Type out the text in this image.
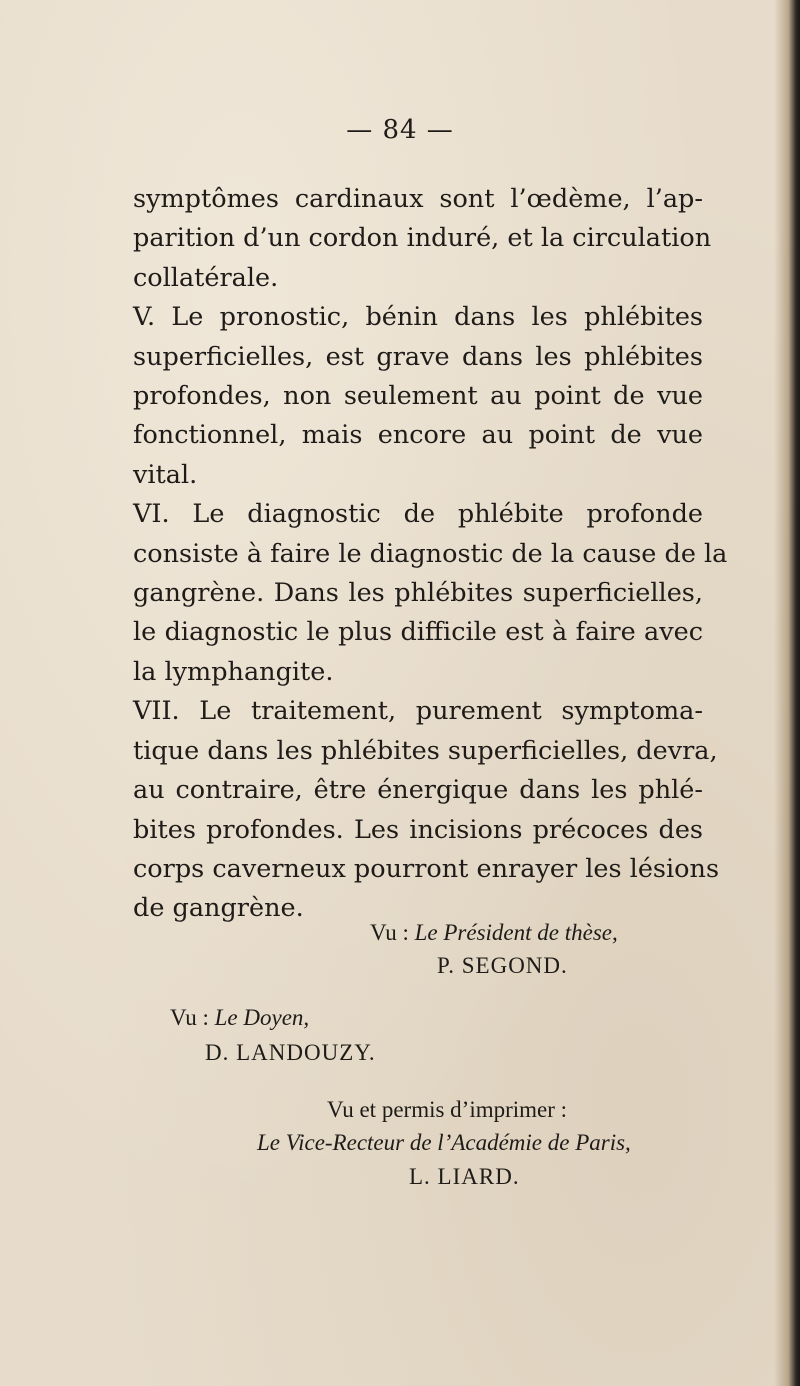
— 84 —

symptômes cardinaux sont l’œdème, l’ap-
parition d’un cordon induré, et la circulation
collatérale.

V. Le pronostic, bénin dans les phlébites
superficielles, est grave dans les phlébites
profondes, non seulement au point de vue
fonctionnel, mais encore au point de vue
vital.

VI. Le diagnostic de phlébite profonde
consiste à faire le diagnostic de la cause de la
gangrène. Dans les phlébites superficielles,
le diagnostic le plus difficile est à faire avec
la lymphangite.

VII. Le traitement, purement symptoma-
tique dans les phlébites superficielles, devra,
au contraire, être énergique dans les phlé-
bites profondes. Les incisions précoces des
corps caverneux pourront enrayer les lésions
de gangrène.

Vu : Le Président de thèse,
P. SEGOND.
Vu : Le Doyen,
D. LANDOUZY.
Vu et permis d’imprimer :
Le Vice-Recteur de l’Académie de Paris,
L. LIARD.
